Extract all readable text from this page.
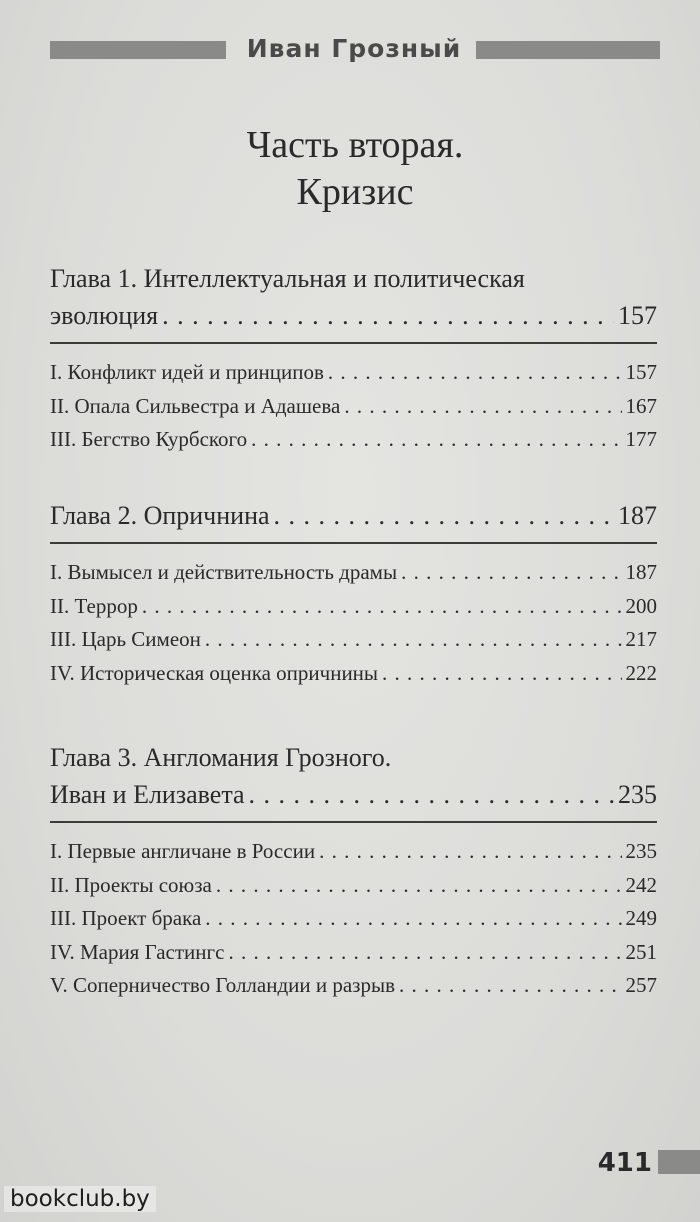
Иван Грозный
Часть вторая.
Кризис
Глава 1. Интеллектуальная и политическая
эволюция . . .	157
I. Конфликт идей и принципов . . .	157
II. Опала Сильвестра и Адашева . . .	167
III. Бегство Курбского . . .	177
Глава 2. Опричнина . . .	187
I. Вымысел и действительность драмы . . .	187
II. Террор . . .	200
III. Царь Симеон . . .	217
IV. Историческая оценка опричнины . . .	222
Глава 3. Англомания Грозного.
Иван и Елизавета . . .	235
I. Первые англичане в России . . .	235
II. Проекты союза . . .	242
III. Проект брака . . .	249
IV. Мария Гастингс . . .	251
V. Соперничество Голландии и разрыв . . .	257
411
bookclub.by
